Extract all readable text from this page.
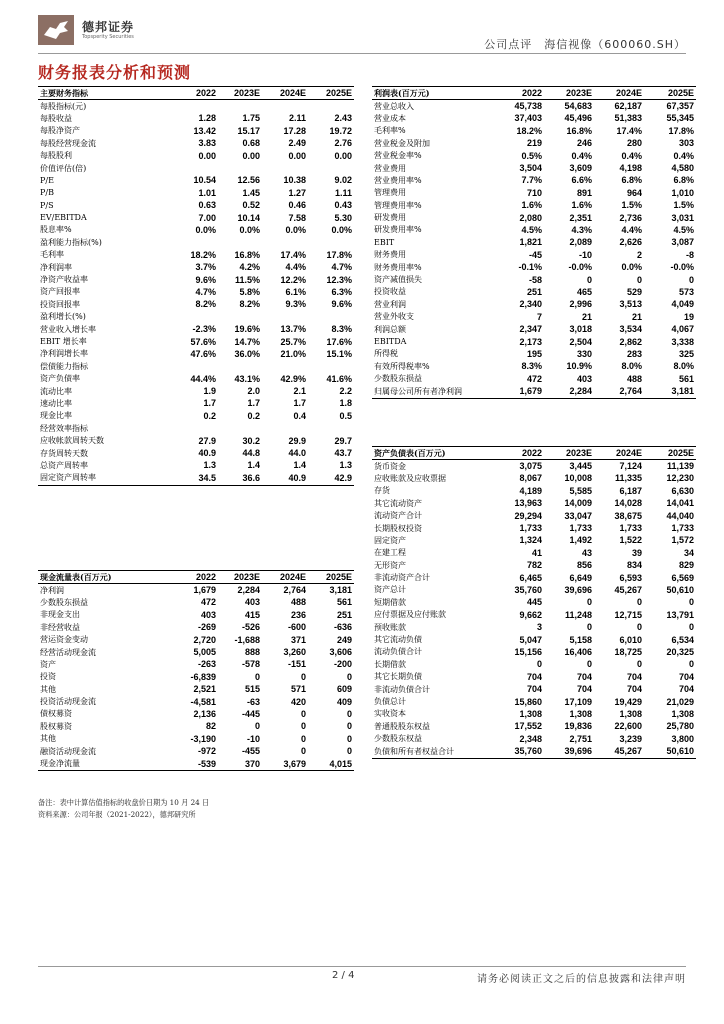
德邦证券
Topsperity Securities
公司点评　海信视像（600060.SH）
财务报表分析和预测
主要财务指标	2022	2023E	2024E	2025E
每股指标(元)				
每股收益	1.28	1.75	2.11	2.43
每股净资产	13.42	15.17	17.28	19.72
每股经营现金流	3.83	0.68	2.49	2.76
每股股利	0.00	0.00	0.00	0.00
价值评估(倍)				
P/E	10.54	12.56	10.38	9.02
P/B	1.01	1.45	1.27	1.11
P/S	0.63	0.52	0.46	0.43
EV/EBITDA	7.00	10.14	7.58	5.30
股息率%	0.0%	0.0%	0.0%	0.0%
盈利能力指标(%)				
毛利率	18.2%	16.8%	17.4%	17.8%
净利润率	3.7%	4.2%	4.4%	4.7%
净资产收益率	9.6%	11.5%	12.2%	12.3%
资产回报率	4.7%	5.8%	6.1%	6.3%
投资回报率	8.2%	8.2%	9.3%	9.6%
盈利增长(%)				
营业收入增长率	-2.3%	19.6%	13.7%	8.3%
EBIT 增长率	57.6%	14.7%	25.7%	17.6%
净利润增长率	47.6%	36.0%	21.0%	15.1%
偿债能力指标				
资产负债率	44.4%	43.1%	42.9%	41.6%
流动比率	1.9	2.0	2.1	2.2
速动比率	1.7	1.7	1.7	1.8
现金比率	0.2	0.2	0.4	0.5
经营效率指标				
应收帐款周转天数	27.9	30.2	29.9	29.7
存货周转天数	40.9	44.8	44.0	43.7
总资产周转率	1.3	1.4	1.4	1.3
固定资产周转率	34.5	36.6	40.9	42.9
利润表(百万元)	2022	2023E	2024E	2025E
营业总收入	45,738	54,683	62,187	67,357
营业成本	37,403	45,496	51,383	55,345
毛利率%	18.2%	16.8%	17.4%	17.8%
营业税金及附加	219	246	280	303
营业税金率%	0.5%	0.4%	0.4%	0.4%
营业费用	3,504	3,609	4,198	4,580
营业费用率%	7.7%	6.6%	6.8%	6.8%
管理费用	710	891	964	1,010
管理费用率%	1.6%	1.6%	1.5%	1.5%
研发费用	2,080	2,351	2,736	3,031
研发费用率%	4.5%	4.3%	4.4%	4.5%
EBIT	1,821	2,089	2,626	3,087
财务费用	-45	-10	2	-8
财务费用率%	-0.1%	-0.0%	0.0%	-0.0%
资产减值损失	-58	0	0	0
投资收益	251	465	529	573
营业利润	2,340	2,996	3,513	4,049
营业外收支	7	21	21	19
利润总额	2,347	3,018	3,534	4,067
EBITDA	2,173	2,504	2,862	3,338
所得税	195	330	283	325
有效所得税率%	8.3%	10.9%	8.0%	8.0%
少数股东损益	472	403	488	561
归属母公司所有者净利润	1,679	2,284	2,764	3,181
现金流量表(百万元)	2022	2023E	2024E	2025E
净利润	1,679	2,284	2,764	3,181
少数股东损益	472	403	488	561
非现金支出	403	415	236	251
非经营收益	-269	-526	-600	-636
营运资金变动	2,720	-1,688	371	249
经营活动现金流	5,005	888	3,260	3,606
资产	-263	-578	-151	-200
投资	-6,839	0	0	0
其他	2,521	515	571	609
投资活动现金流	-4,581	-63	420	409
债权募资	2,136	-445	0	0
股权募资	82	0	0	0
其他	-3,190	-10	0	0
融资活动现金流	-972	-455	0	0
现金净流量	-539	370	3,679	4,015
资产负债表(百万元)	2022	2023E	2024E	2025E
货币资金	3,075	3,445	7,124	11,139
应收账款及应收票据	8,067	10,008	11,335	12,230
存货	4,189	5,585	6,187	6,630
其它流动资产	13,963	14,009	14,028	14,041
流动资产合计	29,294	33,047	38,675	44,040
长期股权投资	1,733	1,733	1,733	1,733
固定资产	1,324	1,492	1,522	1,572
在建工程	41	43	39	34
无形资产	782	856	834	829
非流动资产合计	6,465	6,649	6,593	6,569
资产总计	35,760	39,696	45,267	50,610
短期借款	445	0	0	0
应付票据及应付账款	9,662	11,248	12,715	13,791
预收账款	3	0	0	0
其它流动负债	5,047	5,158	6,010	6,534
流动负债合计	15,156	16,406	18,725	20,325
长期借款	0	0	0	0
其它长期负债	704	704	704	704
非流动负债合计	704	704	704	704
负债总计	15,860	17,109	19,429	21,029
实收资本	1,308	1,308	1,308	1,308
普通股股东权益	17,552	19,836	22,600	25,780
少数股东权益	2,348	2,751	3,239	3,800
负债和所有者权益合计	35,760	39,696	45,267	50,610
备注：表中计算估值指标的收盘价日期为 10 月 24 日
资料来源：公司年报（2021-2022），德邦研究所
2 / 4	请务必阅读正文之后的信息披露和法律声明
